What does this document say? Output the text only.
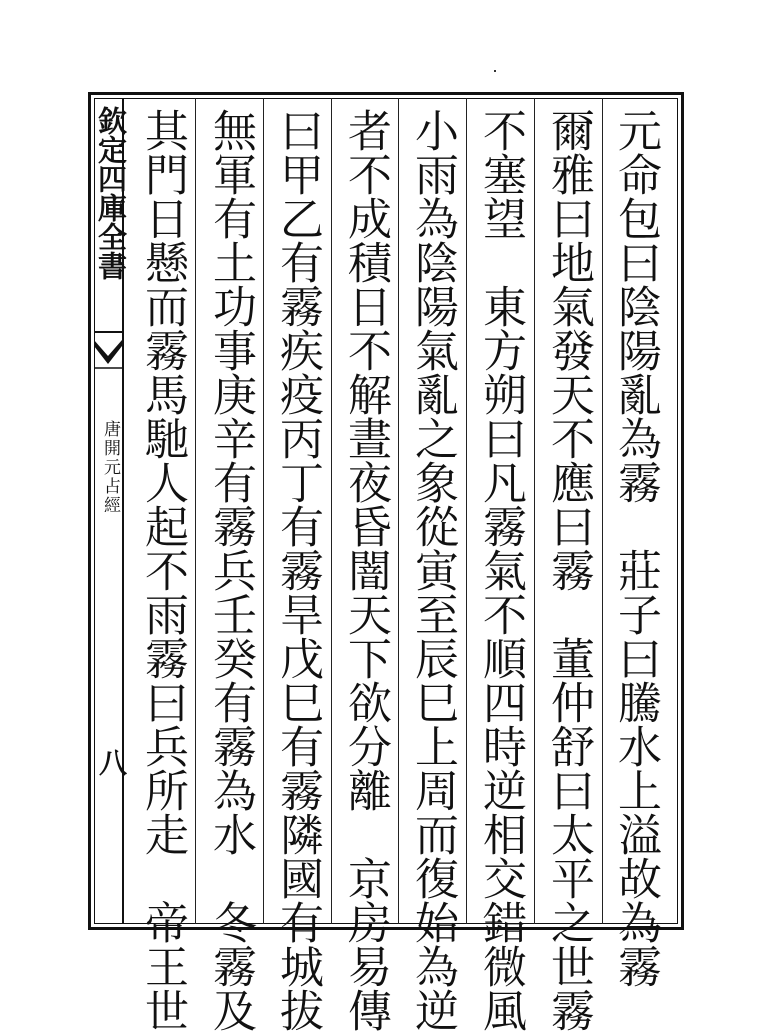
欽定四庫全書
唐開元占經
八	元命包曰陰陽亂為霧　莊子曰騰水上溢故為霧
爾雅曰地氣發天不應曰霧　董仲舒曰太平之世霧
不塞望　東方朔曰凡霧氣不順四時逆相交錯微風
小雨為陰陽氣亂之象從寅至辰巳上周而復始為逆
者不成積日不解晝夜昏闇天下欲分離　京房易傳
曰甲乙有霧疾疫丙丁有霧旱戊巳有霧隣國有城拔
無軍有土功事庚辛有霧兵壬癸有霧為水　冬霧及
其門日懸而霧馬馳人起不雨霧曰兵所走　帝王世
